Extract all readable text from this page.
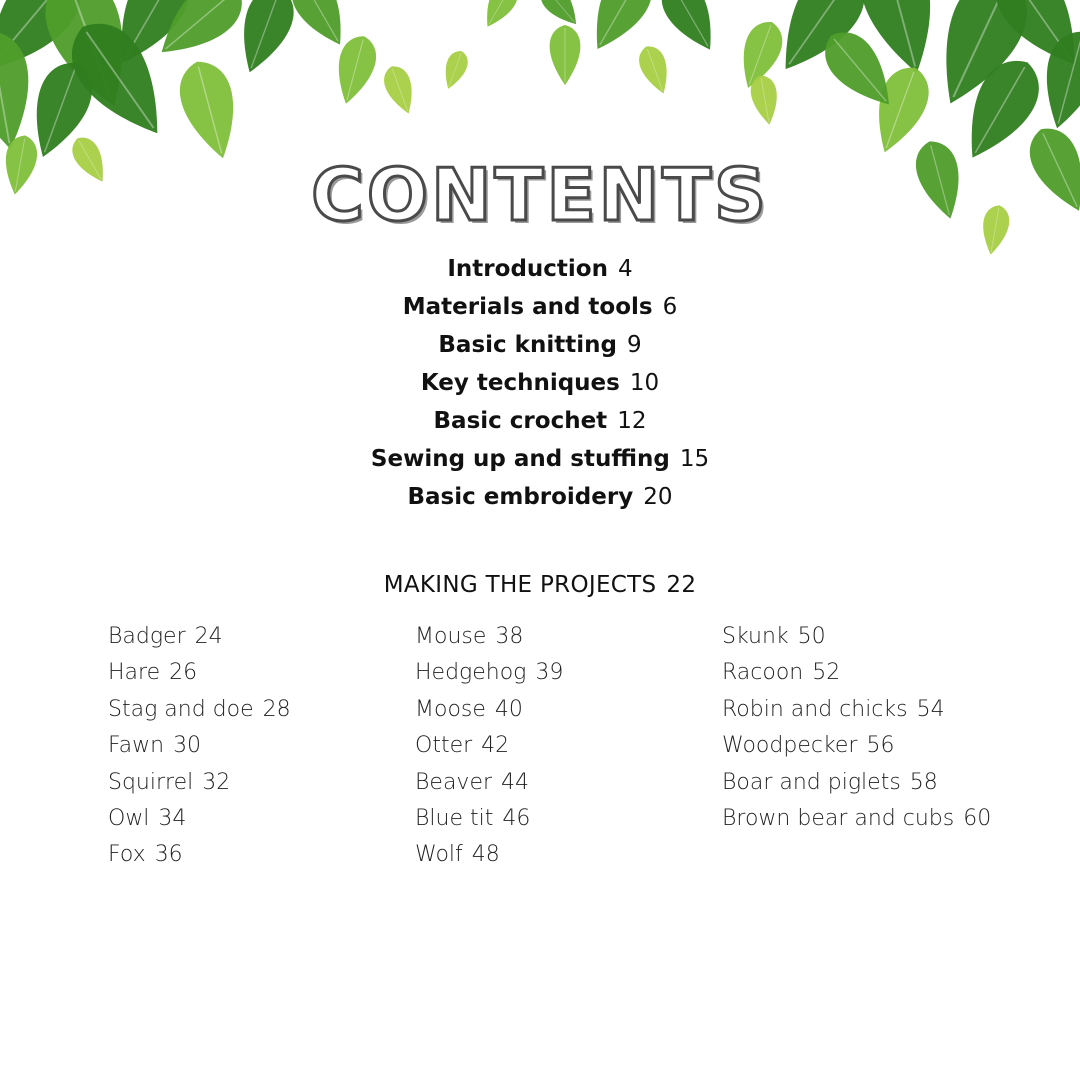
CONTENTS
Introduction 4
Materials and tools 6
Basic knitting 9
Key techniques 10
Basic crochet 12
Sewing up and stuffing 15
Basic embroidery 20
MAKING THE PROJECTS 22
Badger 24
Hare 26
Stag and doe 28
Fawn 30
Squirrel 32
Owl 34
Fox 36
Mouse 38
Hedgehog 39
Moose 40
Otter 42
Beaver 44
Blue tit 46
Wolf 48
Skunk 50
Racoon 52
Robin and chicks 54
Woodpecker 56
Boar and piglets 58
Brown bear and cubs 60
